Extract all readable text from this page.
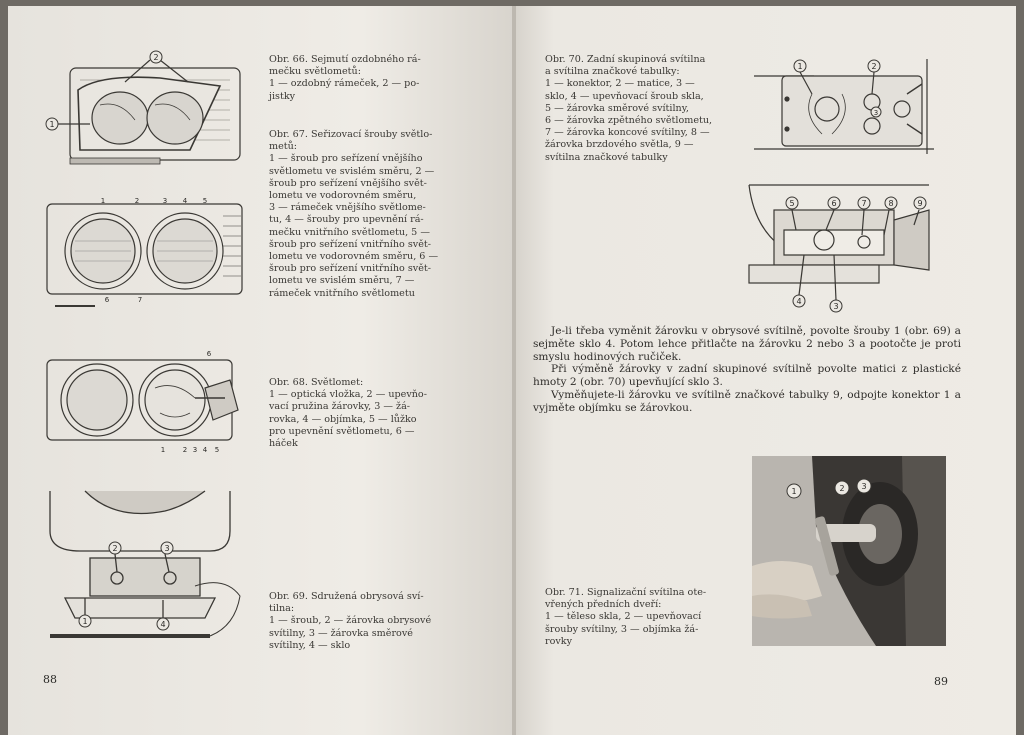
2
1
1	2	3 4 5
6	7
1	2 3 4 5
6
2	3
1	4
Obr. 66. Sejmutí ozdobného rá-
mečku světlometů:
1 — ozdobný rámeček, 2 — po-
jistky
Obr. 67. Seřizovací šrouby světlo-
metů:
1 — šroub pro seřízení vnějšího
světlometu ve svislém směru, 2 —
šroub pro seřízení vnějšího svět-
lometu ve vodorovném směru,
3 — rámeček vnějšího světlome-
tu, 4 — šrouby pro upevnění rá-
mečku vnitřního světlometu, 5 —
šroub pro seřízení vnitřního svět-
lometu ve vodorovném směru, 6 —
šroub pro seřízení vnitřního svět-
lometu ve svislém směru, 7 —
rámeček vnitřního světlometu
Obr. 68. Světlomet:
1 — optická vložka, 2 — upevňo-
vací pružina žárovky, 3 — žá-
rovka, 4 — objímka, 5 — lůžko
pro upevnění světlometu, 6 —
háček
Obr. 69. Sdružená obrysová sví-
tilna:
1 — šroub, 2 — žárovka obrysové
svítilny, 3 — žárovka směrové
svítilny, 4 — sklo
88
Obr. 70. Zadní skupinová svítilna
a svítilna značkové tabulky:
1 — konektor, 2 — matice, 3 —
sklo, 4 — upevňovací šroub skla,
5 — žárovka směrové svítilny,
6 — žárovka zpětného světlometu,
7 — žárovka koncové svítilny, 8 —
žárovka brzdového světla, 9 —
svítilna značkové tabulky
1	2
3
5	6	7	8	9
4
3

Je-li třeba vyměnit žárovku v obrysové svítilně, povolte šrouby 1 (obr. 69) a sejměte sklo 4. Potom lehce přitlačte na žárovku 2 nebo 3 a pootočte je proti smyslu hodinových ručiček.

Při výměně žárovky v zadní skupinové svítilně povolte matici z plastické hmoty 2 (obr. 70) upevňující sklo 3.

Vyměňujete-li žárovku ve svítilně značkové tabulky 9, odpojte konektor 1 a vyjměte objímku se žárovkou.

1	2 3
Obr. 71. Signalizační svítilna ote-
vřených předních dveří:
1 — těleso skla, 2 — upevňovací
šrouby svítilny, 3 — objímka žá-
rovky
89
